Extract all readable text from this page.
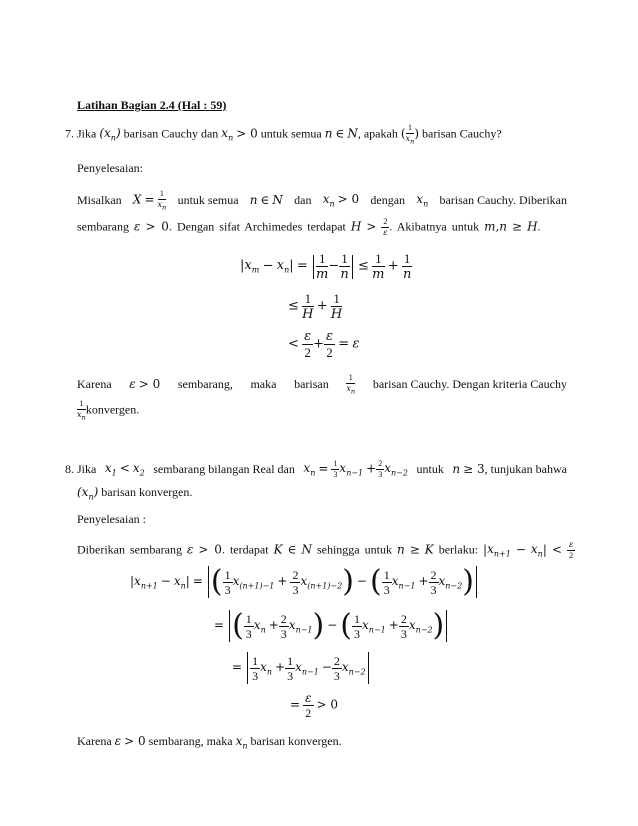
Latihan Bagian 2.4 (Hal : 59)
7. Jika $(x_n)$ barisan Cauchy dan $x_n > 0$ untuk semua n ∈ N, apakah ( $\frac{1}{x_n}$ ) barisan Cauchy?
Penyelesaian:
Misalkan $X = \frac{1}{x_n}$ untuk semua n ∈ N dan $x_n > 0$ dengan $x_n$ barisan Cauchy. Diberikan
sembarang ε > 0. Dengan sifat Archimedes terdapat $H > \frac{2}{\varepsilon}$ . Akibatnya untuk m,n ≥ H.
$|x_m - x_n| = \frac{1}{m} - \frac{1}{n} \le \frac{1}{m} + \frac{1}{n}$
≤ $\frac{1}{H} + \frac{1}{H}$
< $\frac{\varepsilon}{2} + \frac{\varepsilon}{2} = \varepsilon$
Karena ε > 0 sembarang, maka barisan $\frac{1}{x_n}$ barisan Cauchy. Dengan kriteria Cauchy
$\frac{1}{x_n}$ konvergen.
8. Jika $x_1 < x_2$ sembarang bilangan Real dan $x_n = \frac{1}{3} x_{n-1} + \frac{2}{3} x_{n-2}$ untuk n ≥ 3, tunjukan bahwa
$(x_n)$ barisan konvergen.
Penyelesaian :
Diberikan sembarang ε > 0. terdapat K ∈ N sehingga untuk n ≥ K berlaku: $|x_{n+1} - x_n| < \frac{\varepsilon}{2}$
$|x_{n+1} - x_n|$ = ( $\frac{1}{3} x_{(n+1)-1} + \frac{2}{3} x_{(n+1)-2}$) − ( $\frac{1}{3} x_{n-1} + \frac{2}{3} x_{n-2}$)
= ( $\frac{1}{3} x_n + \frac{2}{3} x_{n-1}$) − ( $\frac{1}{3} x_{n-1} + \frac{2}{3} x_{n-2}$)
= $\frac{1}{3} x_n + \frac{1}{3} x_{n-1} - \frac{2}{3} x_{n-2}$
= $\frac{\varepsilon}{2} > 0$
Karena ε > 0 sembarang, maka $x_n$ barisan konvergen.
